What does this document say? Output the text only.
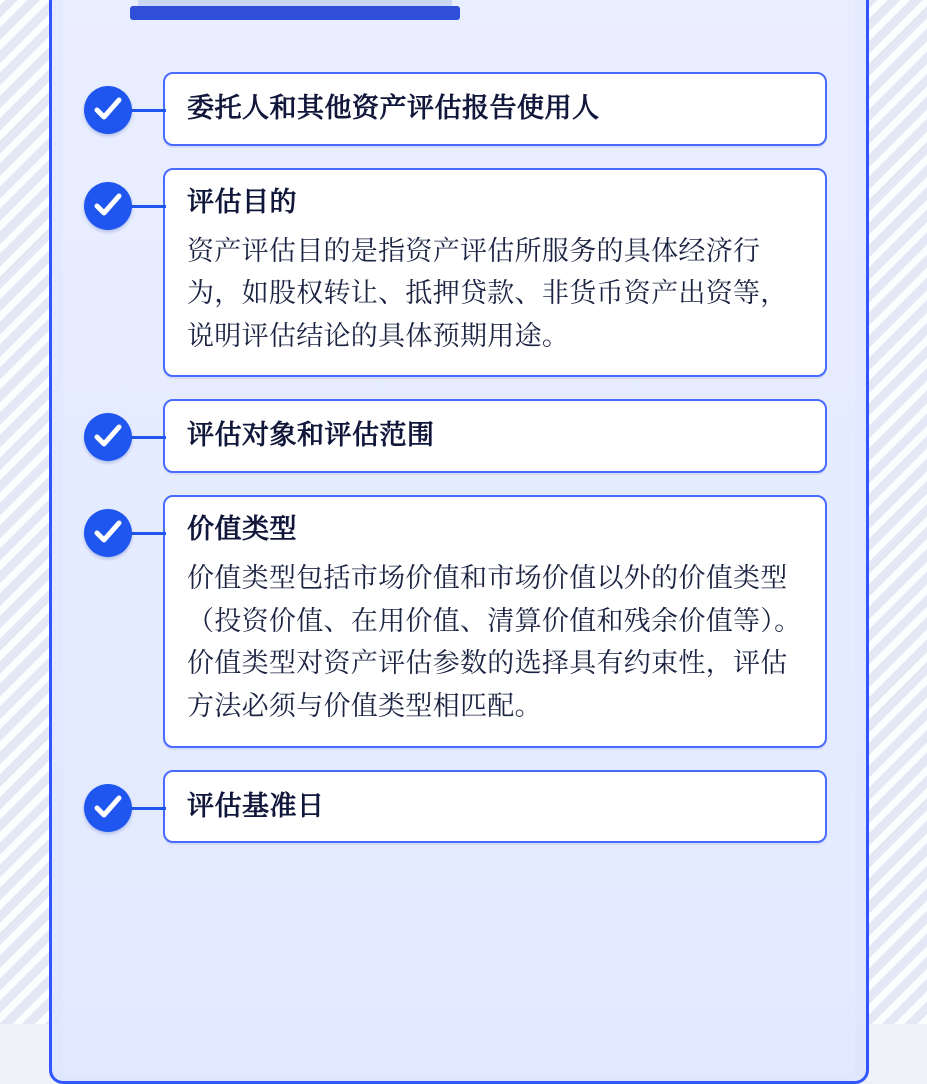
委托人和其他资产评估报告使用人
评估目的
资产评估目的是指资产评估所服务的具体经济行为，如股权转让、抵押贷款、非货币资产出资等，说明评估结论的具体预期用途。
评估对象和评估范围
价值类型
价值类型包括市场价值和市场价值以外的价值类型（投资价值、在用价值、清算价值和残余价值等）。价值类型对资产评估参数的选择具有约束性，评估方法必须与价值类型相匹配。
评估基准日
